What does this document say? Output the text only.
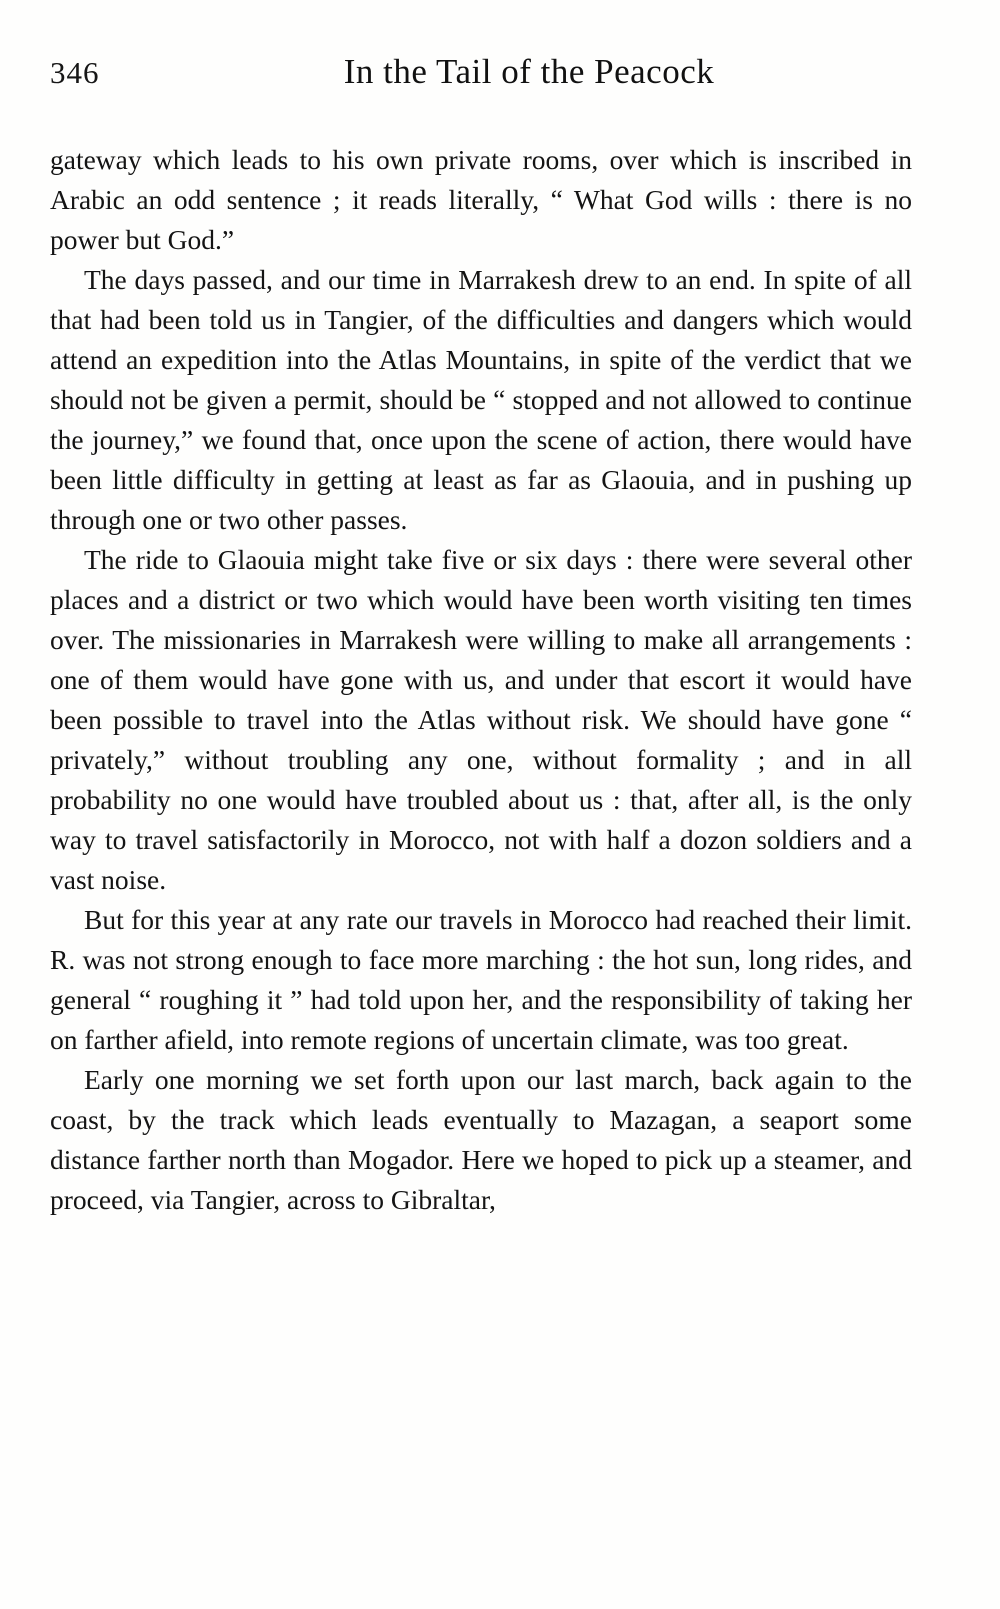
346	In the Tail of the Peacock

gateway which leads to his own private rooms, over which is inscribed in Arabic an odd sentence ; it reads literally, “ What God wills : there is no power but God.”

The days passed, and our time in Marrakesh drew to an end. In spite of all that had been told us in Tangier, of the difficulties and dangers which would attend an expedition into the Atlas Mountains, in spite of the verdict that we should not be given a permit, should be “ stopped and not allowed to continue the journey,” we found that, once upon the scene of action, there would have been little difficulty in getting at least as far as Glaouia, and in pushing up through one or two other passes.

The ride to Glaouia might take five or six days : there were several other places and a district or two which would have been worth visiting ten times over. The missionaries in Marrakesh were willing to make all arrangements : one of them would have gone with us, and under that escort it would have been possible to travel into the Atlas without risk. We should have gone “ privately,” without troubling any one, without formality ; and in all probability no one would have troubled about us : that, after all, is the only way to travel satisfactorily in Morocco, not with half a dozon soldiers and a vast noise.

But for this year at any rate our travels in Morocco had reached their limit. R. was not strong enough to face more marching : the hot sun, long rides, and general “ roughing it ” had told upon her, and the responsibility of taking her on farther afield, into remote regions of uncertain climate, was too great.

Early one morning we set forth upon our last march, back again to the coast, by the track which leads eventually to Mazagan, a seaport some distance farther north than Mogador. Here we hoped to pick up a steamer, and proceed, via Tangier, across to Gibraltar,
